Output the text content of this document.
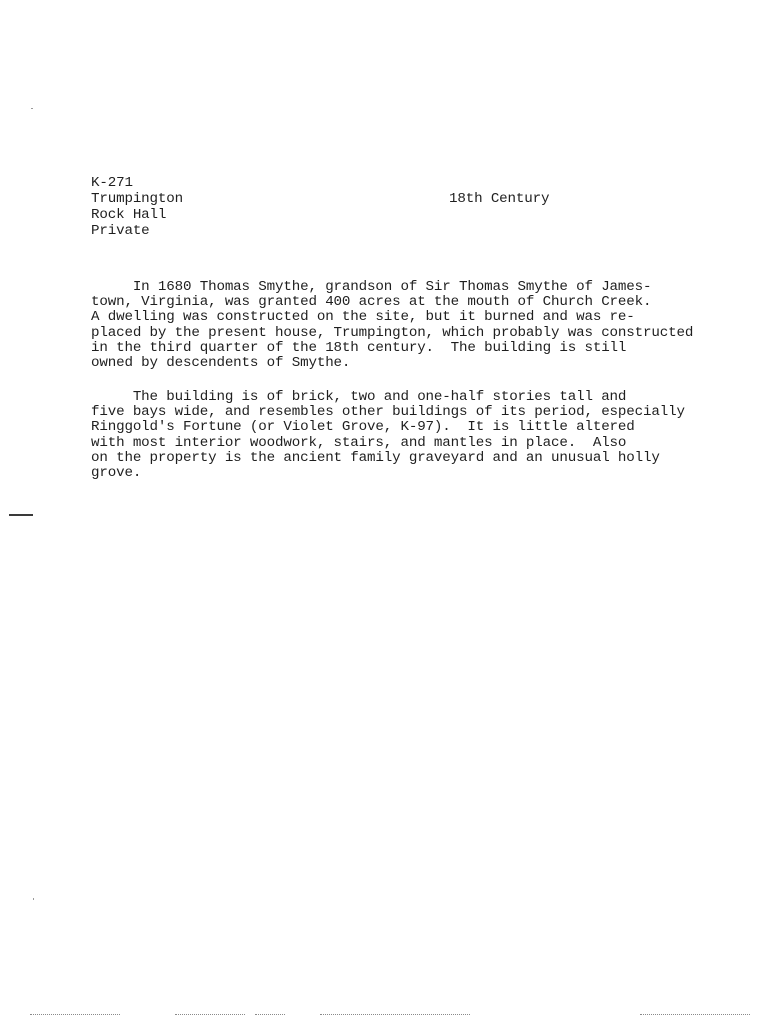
K-271
Trumpington
Rock Hall
Private
18th Century
In 1680 Thomas Smythe, grandson of Sir Thomas Smythe of James-
town, Virginia, was granted 400 acres at the mouth of Church Creek.
A dwelling was constructed on the site, but it burned and was re-
placed by the present house, Trumpington, which probably was constructed
in the third quarter of the 18th century.  The building is still
owned by descendents of Smythe.
The building is of brick, two and one-half stories tall and
five bays wide, and resembles other buildings of its period, especially
Ringgold's Fortune (or Violet Grove, K-97).  It is little altered
with most interior woodwork, stairs, and mantles in place.  Also
on the property is the ancient family graveyard and an unusual holly
grove.
